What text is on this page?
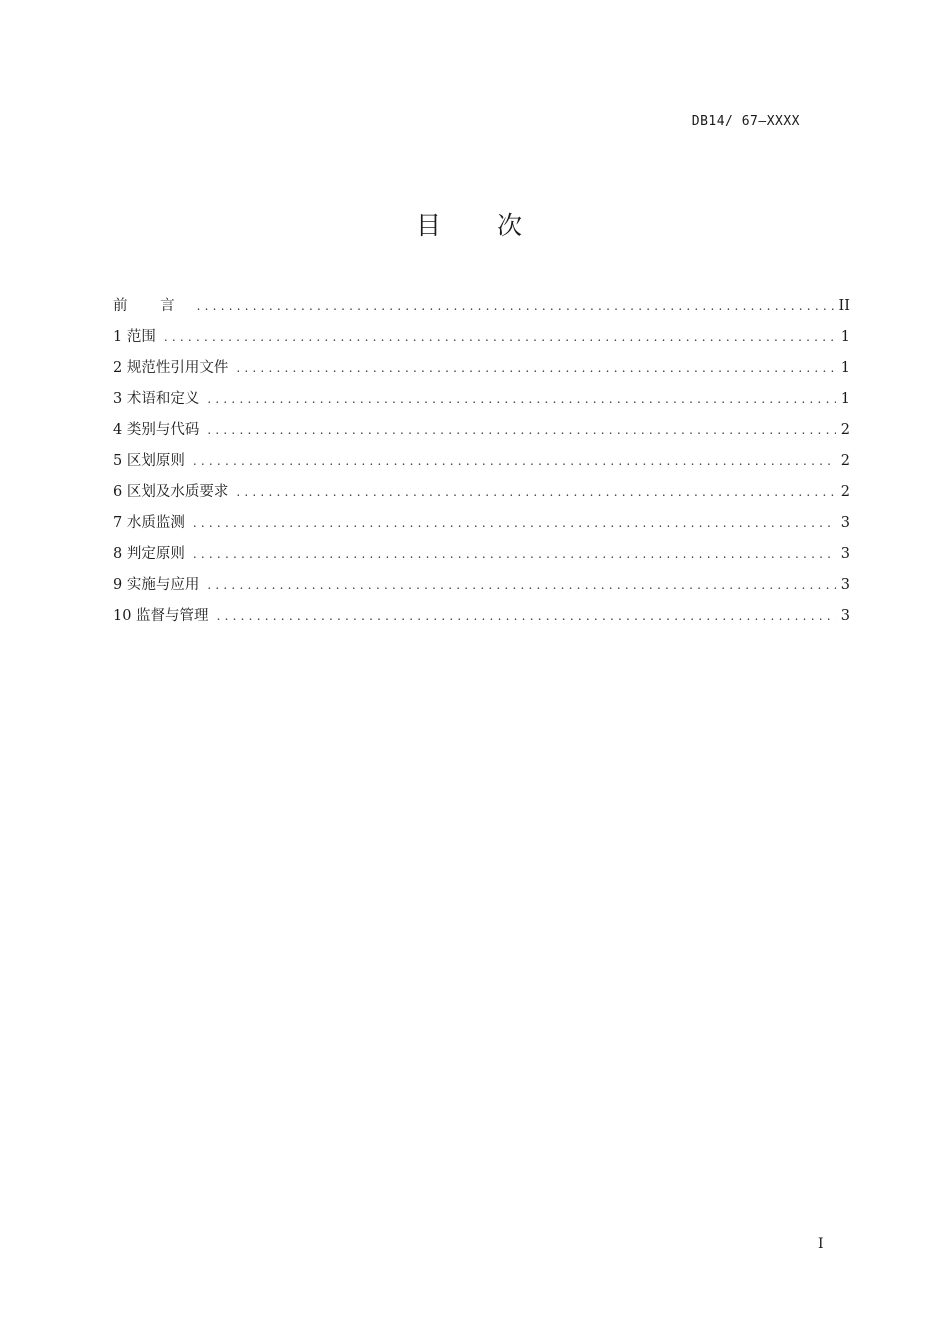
DB14/ 67—XXXX
目 次
前 言 . . .	II
1 范围 . . .	1
2 规范性引用文件 . . .	1
3 术语和定义 . . .	1
4 类别与代码 . . .	2
5 区划原则 . . .	2
6 区划及水质要求 . . .	2
7 水质监测 . . .	3
8 判定原则 . . .	3
9 实施与应用 . . .	3
10 监督与管理 . . .	3
I
